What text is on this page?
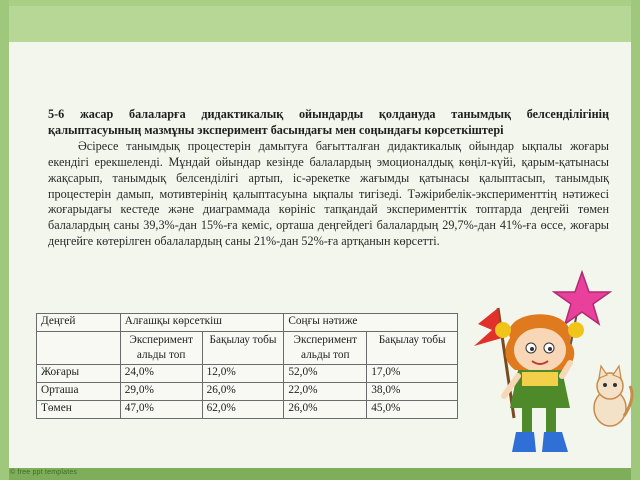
© free ppt templates
5-6 жасар балаларға дидактикалық ойындарды қолдануда танымдық белсенділігінің қалыптасуының мазмұны эксперимент басындағы мен соңындағы көрсеткіштері
Әсіресе танымдық процестерін дамытуға бағытталған дидактикалық ойындар ықпалы жоғары екендігі ерекшеленді. Мұндай ойындар кезінде балалардың эмоционалдық көңіл-күйі, қарым-қатынасы жақсарып, танымдық белсенділігі артып, іс-әрекетке жағымды қатынасы қалыптасып, танымдық процестерін дамып, мотивтерінің қалыптасуына ықпалы тигізеді. Тәжірибелік-эксперименттің нәтижесі жоғарыдағы кестеде және диаграммада көрініс тапқандай эксперименттік топтарда деңгейі төмен балалардың саны 39,3%-дан 15%-ға кеміс, орташа деңгейдегі балалардың 29,7%-дан 41%-ға өссе, жоғары деңгейге көтерілген обалалардың саны 21%-дан 52%-ға артқанын көрсетті.
Деңгей	Алғашқы көрсеткіш		Соңғы нәтиже	
	Эксперимент альды топ	Бақылау тобы	Эксперимент альды топ	Бақылау тобы
Жоғары	24,0%	12,0%	52,0%	17,0%
Орташа	29,0%	26,0%	22,0%	38,0%
Төмен	47,0%	62,0%	26,0%	45,0%
